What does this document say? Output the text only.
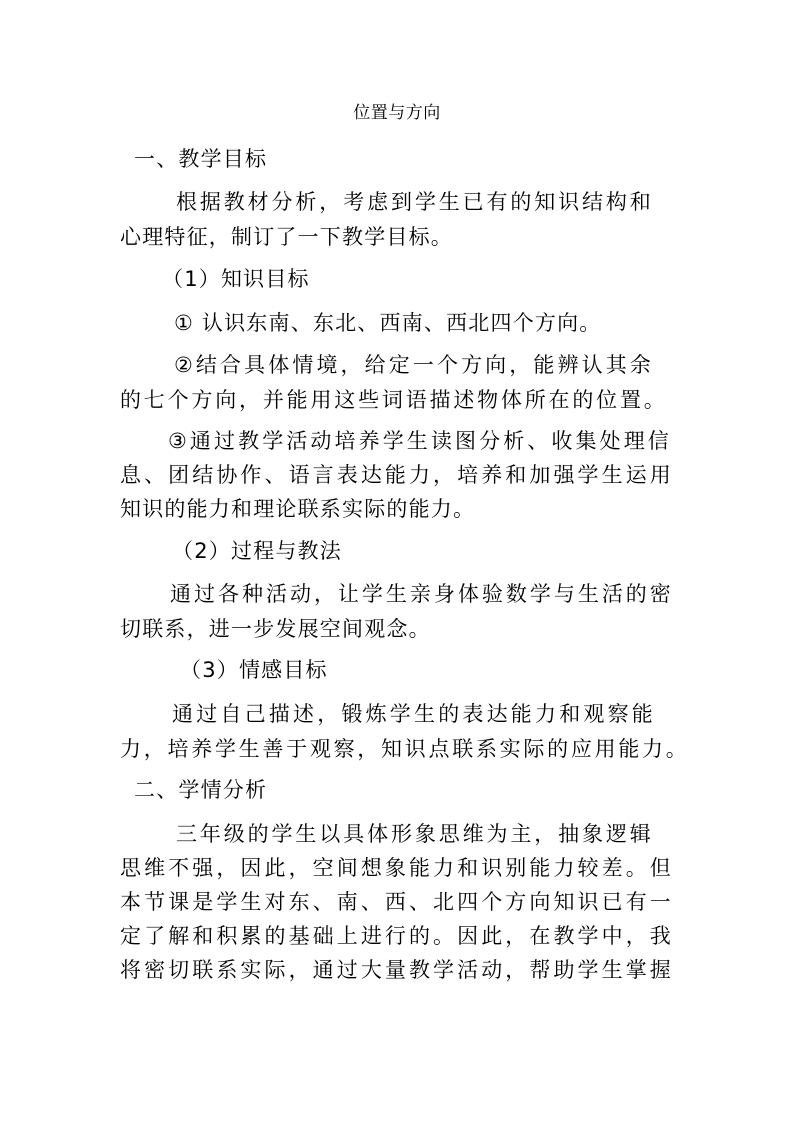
位置与方向
一、教学目标
根据教材分析，考虑到学生已有的知识结构和
心理特征，制订了一下教学目标。
（1）知识目标
① 认识东南、东北、西南、西北四个方向。
②结合具体情境，给定一个方向，能辨认其余
的七个方向，并能用这些词语描述物体所在的位置。
③通过教学活动培养学生读图分析、收集处理信
息、团结协作、语言表达能力，培养和加强学生运用
知识的能力和理论联系实际的能力。
（2）过程与教法
通过各种活动，让学生亲身体验数学与生活的密
切联系，进一步发展空间观念。
（3）情感目标
通过自己描述，锻炼学生的表达能力和观察能
力，培养学生善于观察，知识点联系实际的应用能力。
二、学情分析
三年级的学生以具体形象思维为主，抽象逻辑
思维不强，因此，空间想象能力和识别能力较差。但
本节课是学生对东、南、西、北四个方向知识已有一
定了解和积累的基础上进行的。因此，在教学中，我
将密切联系实际，通过大量教学活动，帮助学生掌握
